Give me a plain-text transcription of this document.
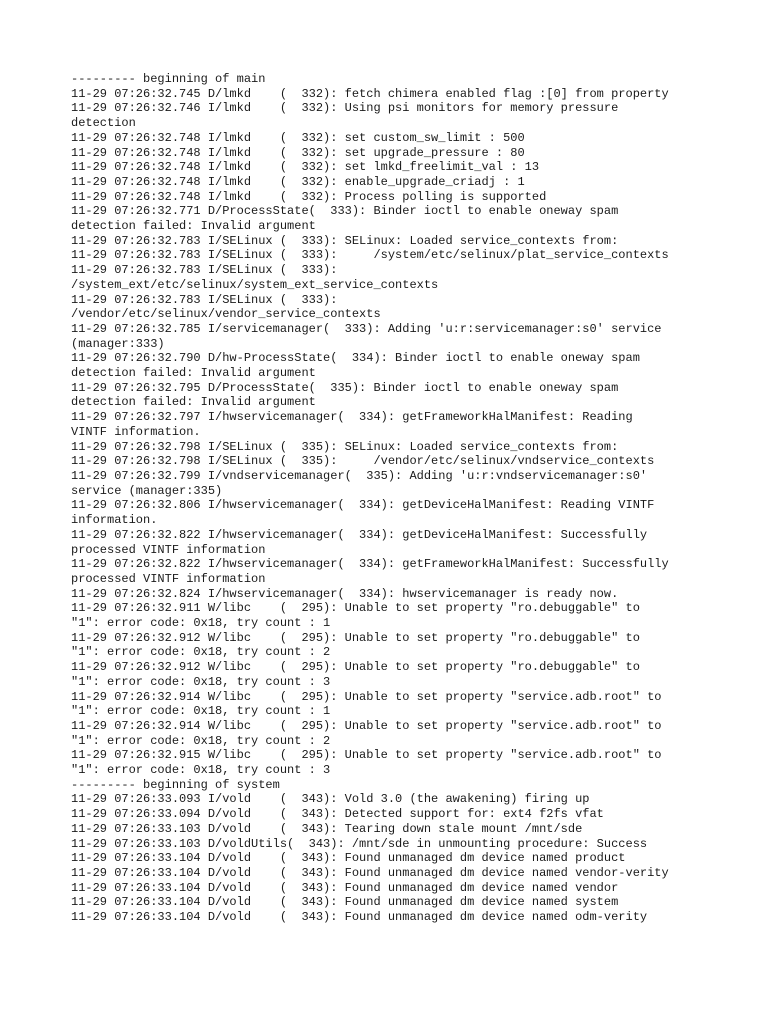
--------- beginning of main
11-29 07:26:32.745 D/lmkd    (  332): fetch chimera enabled flag :[0] from property
11-29 07:26:32.746 I/lmkd    (  332): Using psi monitors for memory pressure
detection
11-29 07:26:32.748 I/lmkd    (  332): set custom_sw_limit : 500
11-29 07:26:32.748 I/lmkd    (  332): set upgrade_pressure : 80
11-29 07:26:32.748 I/lmkd    (  332): set lmkd_freelimit_val : 13
11-29 07:26:32.748 I/lmkd    (  332): enable_upgrade_criadj : 1
11-29 07:26:32.748 I/lmkd    (  332): Process polling is supported
11-29 07:26:32.771 D/ProcessState(  333): Binder ioctl to enable oneway spam
detection failed: Invalid argument
11-29 07:26:32.783 I/SELinux (  333): SELinux: Loaded service_contexts from:
11-29 07:26:32.783 I/SELinux (  333):     /system/etc/selinux/plat_service_contexts
11-29 07:26:32.783 I/SELinux (  333):
/system_ext/etc/selinux/system_ext_service_contexts
11-29 07:26:32.783 I/SELinux (  333):
/vendor/etc/selinux/vendor_service_contexts
11-29 07:26:32.785 I/servicemanager(  333): Adding 'u:r:servicemanager:s0' service
(manager:333)
11-29 07:26:32.790 D/hw-ProcessState(  334): Binder ioctl to enable oneway spam
detection failed: Invalid argument
11-29 07:26:32.795 D/ProcessState(  335): Binder ioctl to enable oneway spam
detection failed: Invalid argument
11-29 07:26:32.797 I/hwservicemanager(  334): getFrameworkHalManifest: Reading
VINTF information.
11-29 07:26:32.798 I/SELinux (  335): SELinux: Loaded service_contexts from:
11-29 07:26:32.798 I/SELinux (  335):     /vendor/etc/selinux/vndservice_contexts
11-29 07:26:32.799 I/vndservicemanager(  335): Adding 'u:r:vndservicemanager:s0'
service (manager:335)
11-29 07:26:32.806 I/hwservicemanager(  334): getDeviceHalManifest: Reading VINTF
information.
11-29 07:26:32.822 I/hwservicemanager(  334): getDeviceHalManifest: Successfully
processed VINTF information
11-29 07:26:32.822 I/hwservicemanager(  334): getFrameworkHalManifest: Successfully
processed VINTF information
11-29 07:26:32.824 I/hwservicemanager(  334): hwservicemanager is ready now.
11-29 07:26:32.911 W/libc    (  295): Unable to set property "ro.debuggable" to
"1": error code: 0x18, try count : 1
11-29 07:26:32.912 W/libc    (  295): Unable to set property "ro.debuggable" to
"1": error code: 0x18, try count : 2
11-29 07:26:32.912 W/libc    (  295): Unable to set property "ro.debuggable" to
"1": error code: 0x18, try count : 3
11-29 07:26:32.914 W/libc    (  295): Unable to set property "service.adb.root" to
"1": error code: 0x18, try count : 1
11-29 07:26:32.914 W/libc    (  295): Unable to set property "service.adb.root" to
"1": error code: 0x18, try count : 2
11-29 07:26:32.915 W/libc    (  295): Unable to set property "service.adb.root" to
"1": error code: 0x18, try count : 3
--------- beginning of system
11-29 07:26:33.093 I/vold    (  343): Vold 3.0 (the awakening) firing up
11-29 07:26:33.094 D/vold    (  343): Detected support for: ext4 f2fs vfat
11-29 07:26:33.103 D/vold    (  343): Tearing down stale mount /mnt/sde
11-29 07:26:33.103 D/voldUtils(  343): /mnt/sde in unmounting procedure: Success
11-29 07:26:33.104 D/vold    (  343): Found unmanaged dm device named product
11-29 07:26:33.104 D/vold    (  343): Found unmanaged dm device named vendor-verity
11-29 07:26:33.104 D/vold    (  343): Found unmanaged dm device named vendor
11-29 07:26:33.104 D/vold    (  343): Found unmanaged dm device named system
11-29 07:26:33.104 D/vold    (  343): Found unmanaged dm device named odm-verity
